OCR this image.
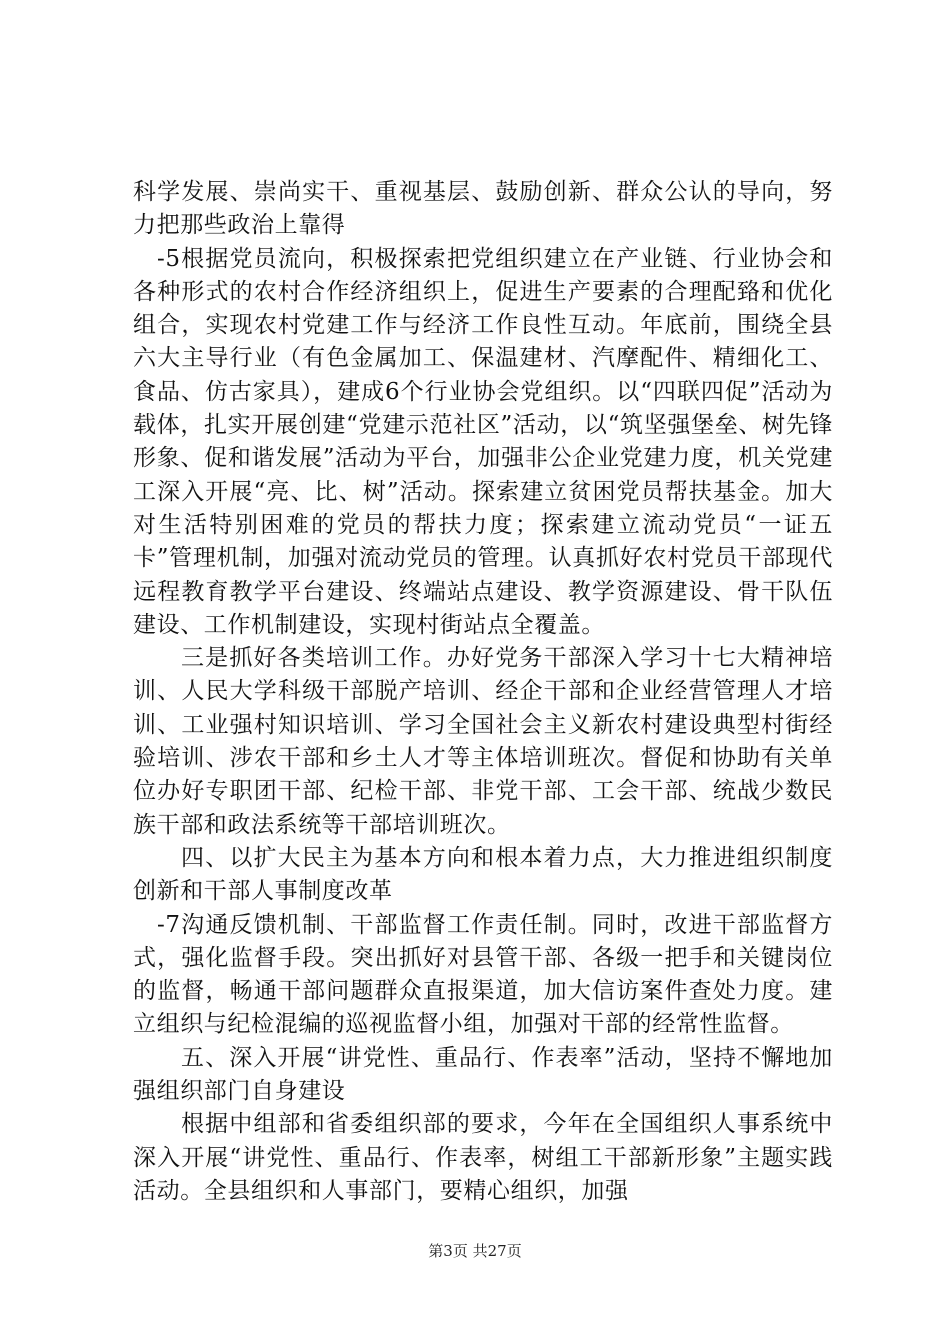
科学发展、崇尚实干、重视基层、鼓励创新、群众公认的导向，努力把那些政治上靠得

-5根据党员流向，积极探索把党组织建立在产业链、行业协会和各种形式的农村合作经济组织上，促进生产要素的合理配臵和优化组合，实现农村党建工作与经济工作良性互动。年底前，围绕全县六大主导行业（有色金属加工、保温建材、汽摩配件、精细化工、食品、仿古家具），建成6个行业协会党组织。以“四联四促”活动为载体，扎实开展创建“党建示范社区”活动，以“筑坚强堡垒、树先锋形象、促和谐发展”活动为平台，加强非公企业党建力度，机关党建工深入开展“亮、比、树”活动。探索建立贫困党员帮扶基金。加大对生活特别困难的党员的帮扶力度；探索建立流动党员“一证五卡”管理机制，加强对流动党员的管理。认真抓好农村党员干部现代远程教育教学平台建设、终端站点建设、教学资源建设、骨干队伍建设、工作机制建设，实现村街站点全覆盖。

三是抓好各类培训工作。办好党务干部深入学习十七大精神培训、人民大学科级干部脱产培训、经企干部和企业经营管理人才培训、工业强村知识培训、学习全国社会主义新农村建设典型村街经验培训、涉农干部和乡土人才等主体培训班次。督促和协助有关单位办好专职团干部、纪检干部、非党干部、工会干部、统战少数民族干部和政法系统等干部培训班次。

四、以扩大民主为基本方向和根本着力点，大力推进组织制度创新和干部人事制度改革

-7沟通反馈机制、干部监督工作责任制。同时，改进干部监督方式，强化监督手段。突出抓好对县管干部、各级一把手和关键岗位的监督，畅通干部问题群众直报渠道，加大信访案件查处力度。建立组织与纪检混编的巡视监督小组，加强对干部的经常性监督。

五、深入开展“讲党性、重品行、作表率”活动，坚持不懈地加强组织部门自身建设

根据中组部和省委组织部的要求，今年在全国组织人事系统中深入开展“讲党性、重品行、作表率，树组工干部新形象”主题实践活动。全县组织和人事部门，要精心组织，加强

第3页 共27页
